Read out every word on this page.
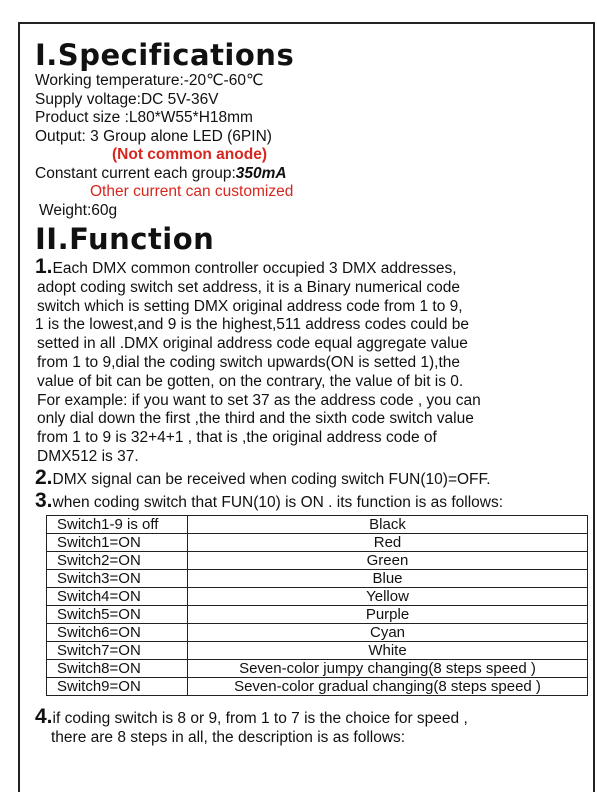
I.Specifications
Working temperature:-20℃-60℃
Supply voltage:DC 5V-36V
Product size :L80*W55*H18mm
Output: 3 Group alone LED (6PIN)
(Not common anode)
Constant current each group:350mA
Other current can customized
Weight:60g
II.Function
1.Each DMX common controller occupied 3 DMX addresses,
adopt coding switch set address, it is a Binary numerical code
switch which is setting DMX original address code from 1 to 9,
1 is the lowest,and 9 is the highest,511 address codes could be
setted in all .DMX original address code equal aggregate value
from 1 to 9,dial the coding switch upwards(ON is setted 1),the
value of bit can be gotten, on the contrary, the value of bit is 0.
For example: if you want to set 37 as the address code , you can
only dial down the first ,the third and the sixth code switch value
from 1 to 9 is 32+4+1 , that is ,the original address code of
DMX512 is 37.
2.DMX signal can be received when coding switch FUN(10)=OFF.
3.when coding switch that FUN(10) is ON . its function is as follows:
Switch1-9 is off	Black
Switch1=ON	Red
Switch2=ON	Green
Switch3=ON	Blue
Switch4=ON	Yellow
Switch5=ON	Purple
Switch6=ON	Cyan
Switch7=ON	White
Switch8=ON	Seven-color jumpy changing(8 steps speed )
Switch9=ON	Seven-color gradual changing(8 steps speed )
4.if coding switch is 8 or 9, from 1 to 7 is the choice for speed ,
there are 8 steps in all, the description is as follows:
